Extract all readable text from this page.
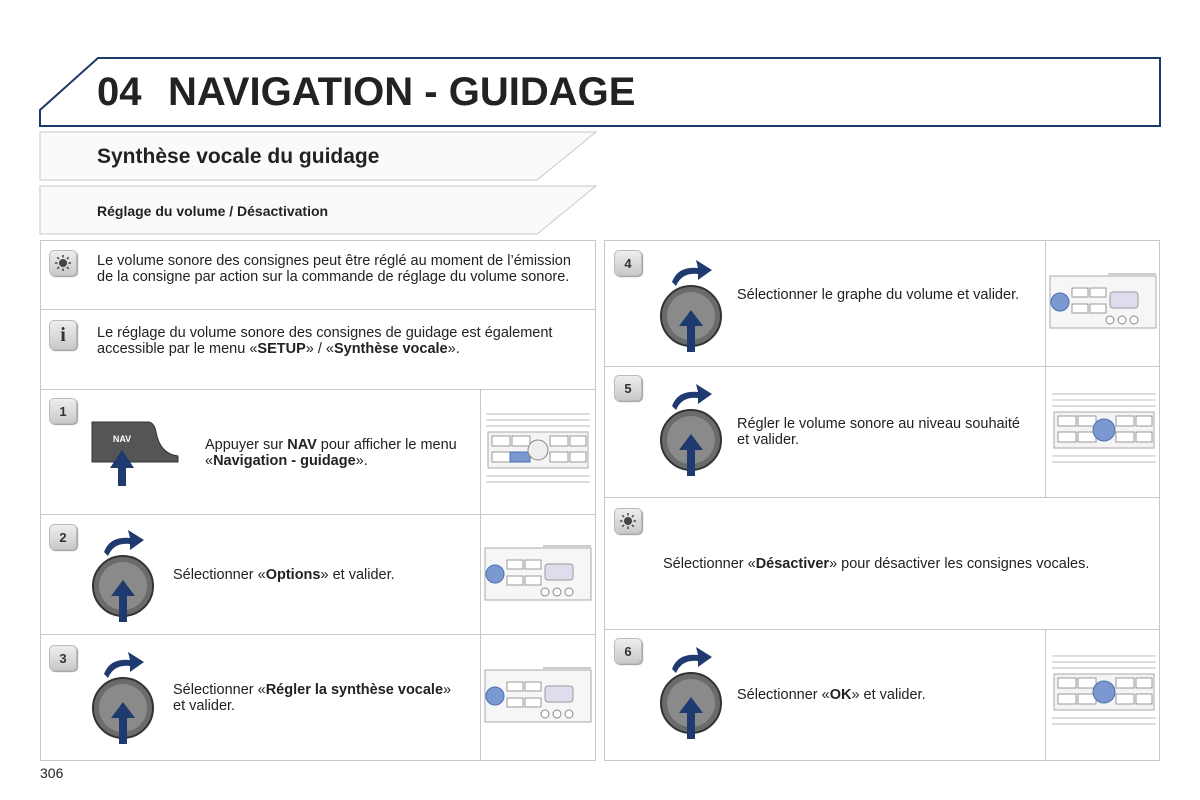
04 NAVIGATION - GUIDAGE
Synthèse vocale du guidage
Réglage du volume / Désactivation
i
1
2
3
4
5
6
Le volume sonore des consignes peut être réglé au moment de l’émission de la consigne par action sur la commande de réglage du volume sonore.
Le réglage du volume sonore des consignes de guidage est également accessible par le menu «SETUP» / «Synthèse vocale».
NAV	Appuyer sur NAV pour afficher le menu «Navigation - guidage».
Sélectionner «Options» et valider.
Sélectionner «Régler la synthèse vocale» et valider.
Sélectionner le graphe du volume et valider.
Régler le volume sonore au niveau souhaité et valider.
Sélectionner «Désactiver» pour désactiver les consignes vocales.
Sélectionner «OK» et valider.
306
